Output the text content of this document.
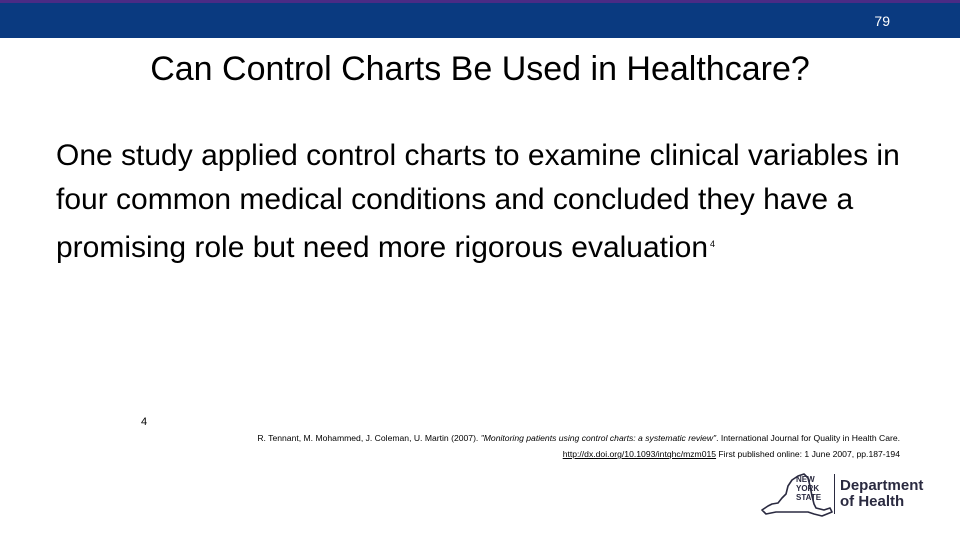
79
Can Control Charts Be Used in Healthcare?
One study applied control charts to examine clinical variables in four common medical conditions and concluded they have a promising role but need more rigorous evaluation $^4$
4
R. Tennant, M. Mohammed, J. Coleman, U. Martin (2007). "Monitoring patients using control charts: a systematic review". International Journal for Quality in Health Care.
http://dx.doi.org/10.1093/intqhc/mzm015 First published online: 1 June 2007, pp.187-194
NEW
YORK
STATE
Department
of Health
